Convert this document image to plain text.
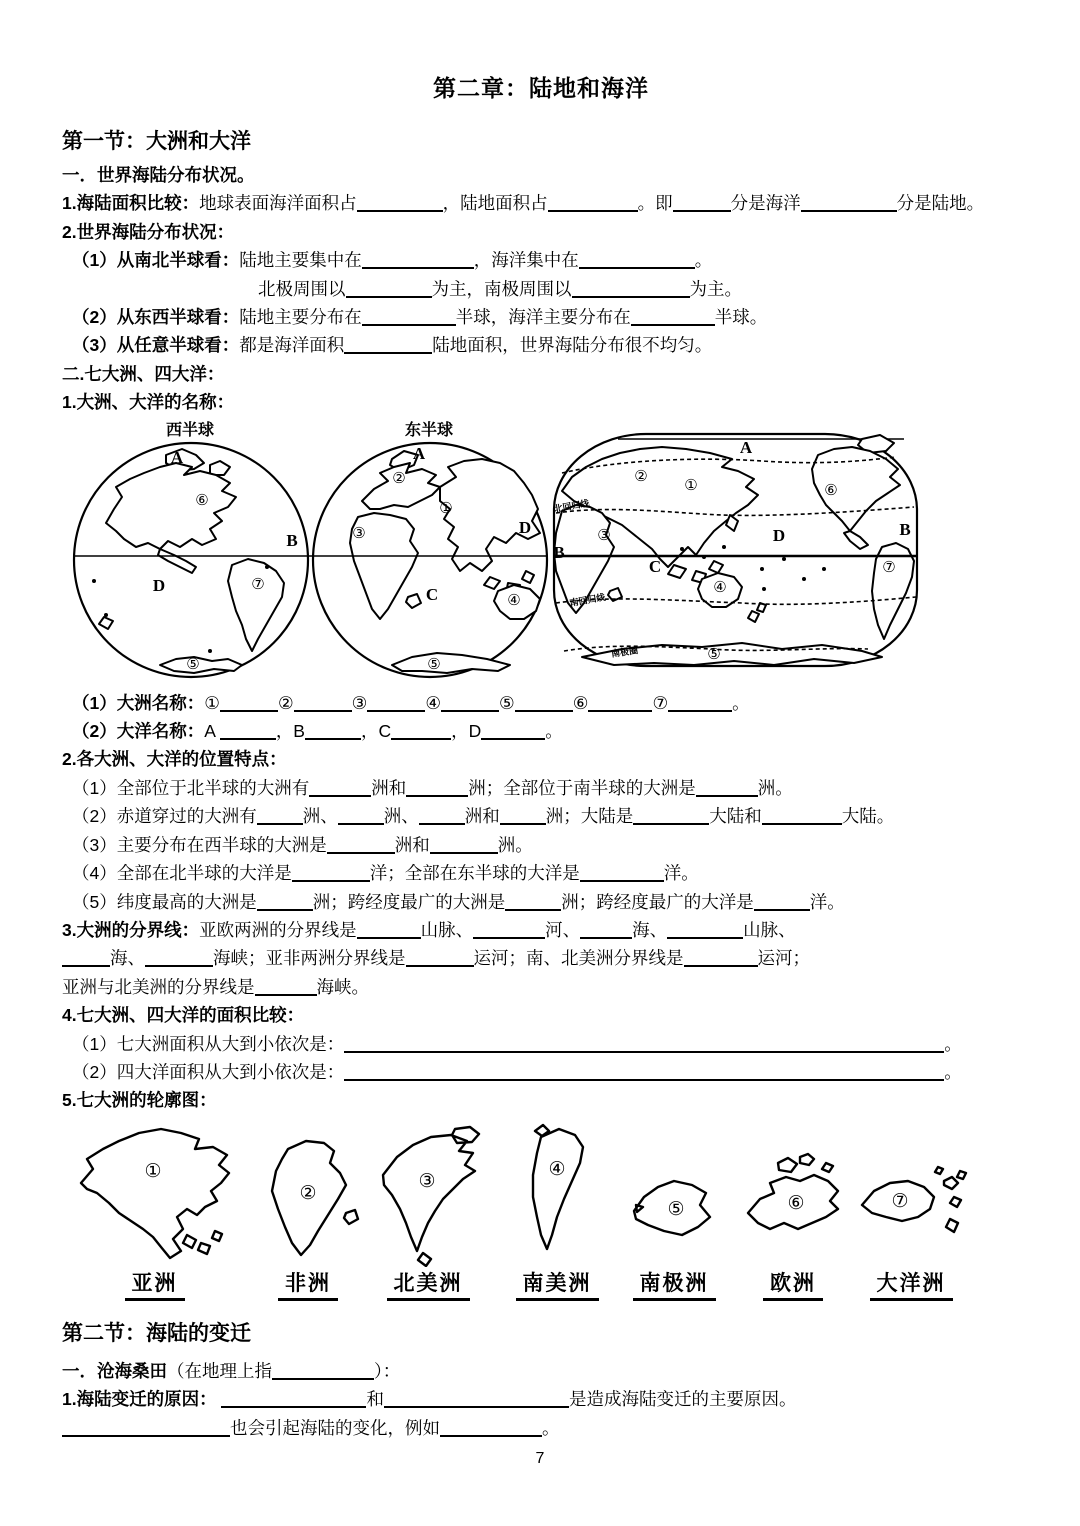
第二章：陆地和海洋
第一节：大洲和大洋
一．世界海陆分布状况。
1.海陆面积比较：地球表面海洋面积占	，陆地面积占	。即	分是海洋	分是陆地。
2.世界海陆分布状况：
（1）从南北半球看：陆地主要集中在	，海洋集中在	。
北极周围以	为主，南极周围以	为主。
（2）从东西半球看：陆地主要分布在	半球，海洋主要分布在	半球。
（3）从任意半球看：都是海洋面积	陆地面积，世界海陆分布很不均匀。
二.七大洲、四大洋：
1.大洲、大洋的名称：
西半球	东半球
A
⑥
B
D	⑦
⑤
A
②
①
③	D
C	④
⑤
B
A
② ①	⑥
③	D	B
C	⑦
④
⑤
北回归线
南回归线
南极圈
（1）大洲名称：①	②	③	④	⑤	⑥	⑦	。
（2）大洋名称：A	，B	，C	，D	。
2.各大洲、大洋的位置特点：
（1）全部位于北半球的大洲有	洲和	洲；全部位于南半球的大洲是	洲。
（2）赤道穿过的大洲有	洲、	洲、	洲和	洲；大陆是	大陆和	大陆。
（3）主要分布在西半球的大洲是	洲和	洲。
（4）全部在北半球的大洋是	洋；全部在东半球的大洋是	洋。
（5）纬度最高的大洲是	洲；跨经度最广的大洲是	洲；跨经度最广的大洋是	洋。
3.大洲的分界线：亚欧两洲的分界线是	山脉、	河、	海、	山脉、
海、	海峡；亚非两洲分界线是	运河；南、北美洲分界线是	运河；
亚洲与北美洲的分界线是	海峡。
4.七大洲、四大洋的面积比较：
（1）七大洲面积从大到小依次是：	。
（2）四大洋面积从大到小依次是：	。
5.七大洲的轮廓图：
①
亚洲
②
非洲
③
北美洲
④
南美洲
⑤
南极洲
⑥
欧洲
⑦
大洋洲
第二节：海陆的变迁
一．沧海桑田（在地理上指	）：
1.海陆变迁的原因：	和	是造成海陆变迁的主要原因。
也会引起海陆的变化，例如	。
7
